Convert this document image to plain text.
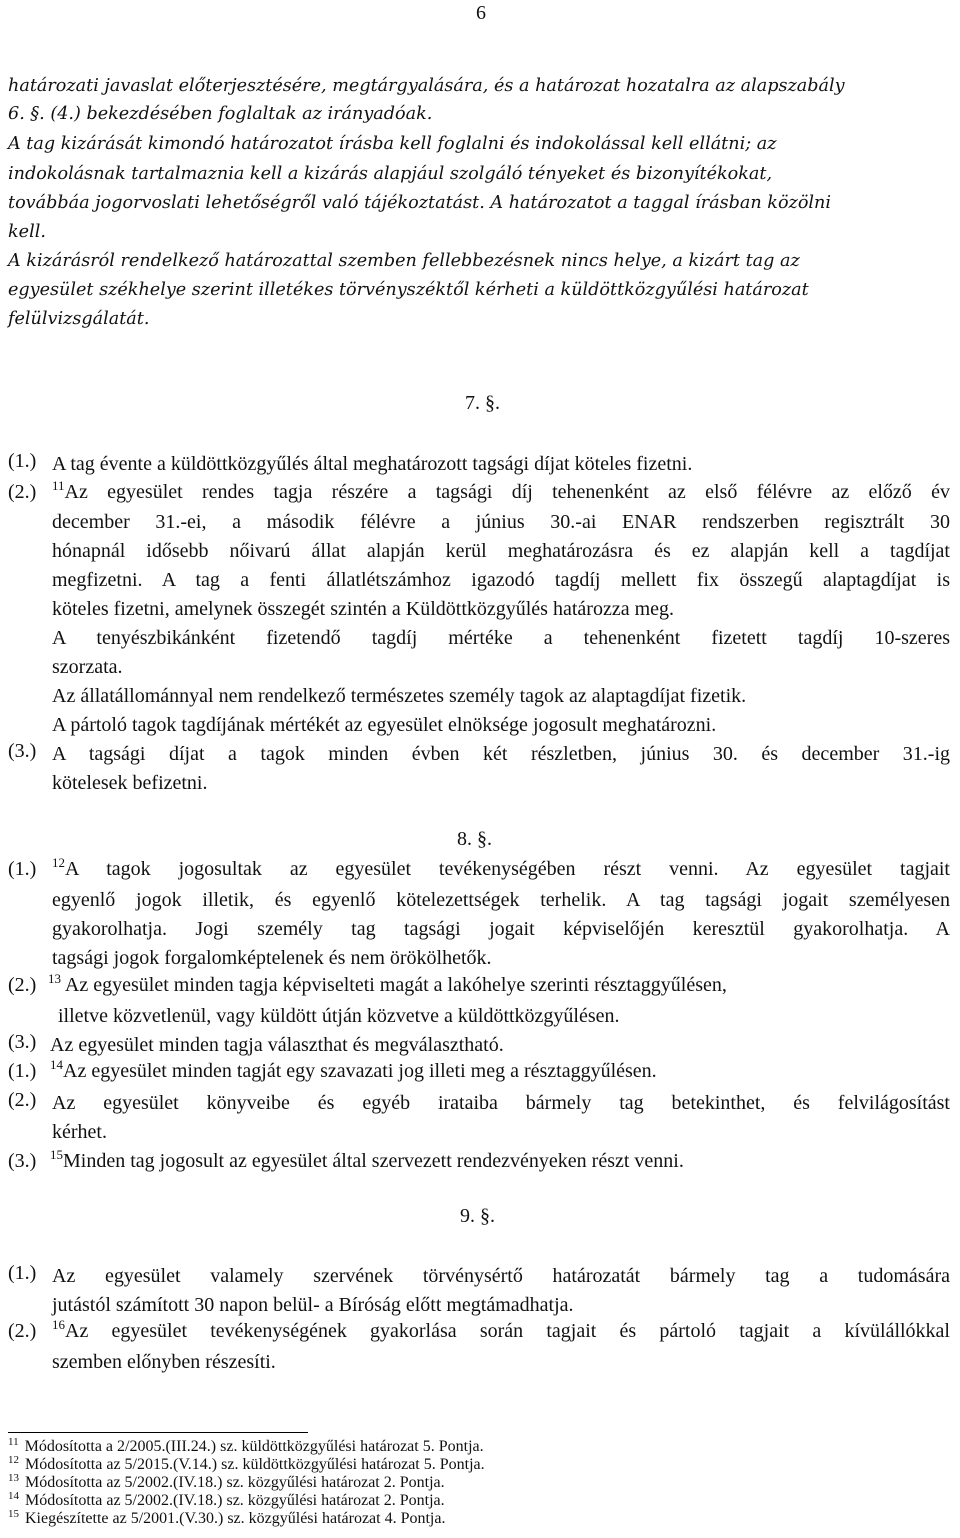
6
határozati javaslat előterjesztésére, megtárgyalására, és a határozat hozatalra az alapszabály
6. §. (4.) bekezdésében foglaltak az irányadóak.
A tag kizárását kimondó határozatot írásba kell foglalni és indokolással kell ellátni; az
indokolásnak tartalmaznia kell a kizárás alapjául szolgáló tényeket és bizonyítékokat,
továbbáa jogorvoslati lehetőségről való tájékoztatást. A határozatot a taggal írásban közölni
kell.
A kizárásról rendelkező határozattal szemben fellebbezésnek nincs helye, a kizárt tag az
egyesület székhelye szerint illetékes törvényszéktől kérheti a küldöttközgyűlési határozat
felülvizsgálatát.
7. §.
(1.) A tag évente a küldöttközgyűlés által meghatározott tagsági díjat köteles fizetni.
(2.) $^{11}$Az egyesület rendes tagja részére a tagsági díj tehenenként az első félévre az előző év
december 31.-ei, a második félévre a június 30.-ai ENAR rendszerben regisztrált 30
hónapnál idősebb nőivarú állat alapján kerül meghatározásra és ez alapján kell a tagdíjat
megfizetni. A tag a fenti állatlétszámhoz igazodó tagdíj mellett fix összegű alaptagdíjat is
köteles fizetni, amelynek összegét szintén a Küldöttközgyűlés határozza meg.
A tenyészbikánként fizetendő tagdíj mértéke a tehenenként fizetett tagdíj 10-szeres
szorzata.
Az állatállománnyal nem rendelkező természetes személy tagok az alaptagdíjat fizetik.
A pártoló tagok tagdíjának mértékét az egyesület elnöksége jogosult meghatározni.
(3.) A tagsági díjat a tagok minden évben két részletben, június 30. és december 31.-ig
kötelesek befizetni.
8. §.
(1.) $^{12}$A tagok jogosultak az egyesület tevékenységében részt venni. Az egyesület tagjait
egyenlő jogok illetik, és egyenlő kötelezettségek terhelik. A tag tagsági jogait személyesen
gyakorolhatja. Jogi személy tag tagsági jogait képviselőjén keresztül gyakorolhatja. A
tagsági jogok forgalomképtelenek és nem örökölhetők.
(2.) $^{13}$ Az egyesület minden tagja képviselteti magát a lakóhelye szerinti résztaggyűlésen,
illetve közvetlenül, vagy küldött útján közvetve a küldöttközgyűlésen.
(3.) Az egyesület minden tagja választhat és megválasztható.
(1.) $^{14}$Az egyesület minden tagját egy szavazati jog illeti meg a résztaggyűlésen.
(2.) Az egyesület könyveibe és egyéb irataiba bármely tag betekinthet, és felvilágosítást
kérhet.
(3.) $^{15}$Minden tag jogosult az egyesület által szervezett rendezvényeken részt venni.
9. §.
(1.) Az egyesület valamely szervének törvénysértő határozatát bármely tag a tudomására
jutástól számított 30 napon belül- a Bíróság előtt megtámadhatja.
(2.) $^{16}$Az egyesület tevékenységének gyakorlása során tagjait és pártoló tagjait a kívülállókkal
szemben előnyben részesíti.
$^{11}$ Módosította a 2/2005.(III.24.) sz. küldöttközgyűlési határozat 5. Pontja.
$^{12}$ Módosította az 5/2015.(V.14.) sz. küldöttközgyűlési határozat 5. Pontja.
$^{13}$ Módosította az 5/2002.(IV.18.) sz. közgyűlési határozat 2. Pontja.
$^{14}$ Módosította az 5/2002.(IV.18.) sz. közgyűlési határozat 2. Pontja.
$^{15}$ Kiegészítette az 5/2001.(V.30.) sz. közgyűlési határozat 4. Pontja.
